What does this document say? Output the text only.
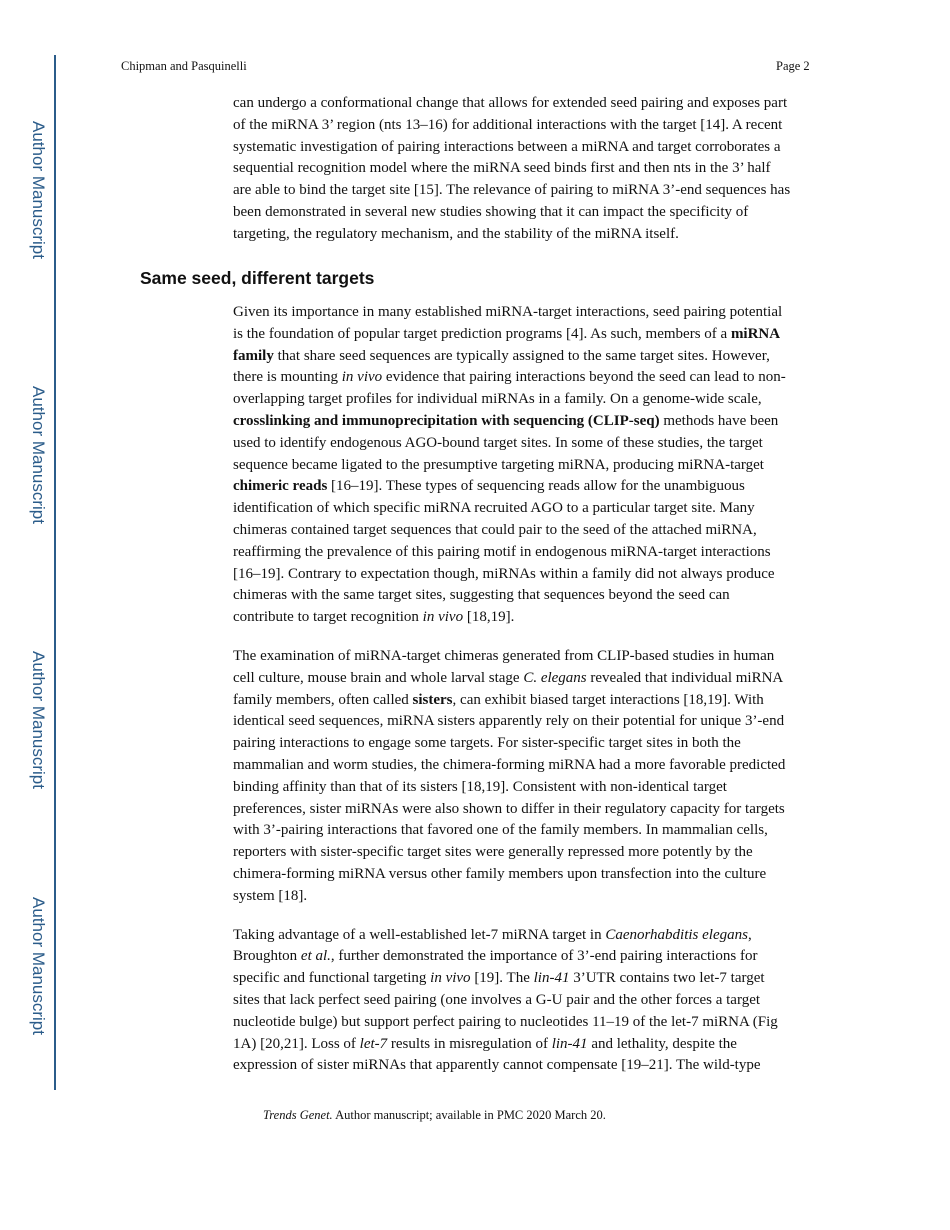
Author Manuscript
Author Manuscript
Author Manuscript
Author Manuscript
Chipman and Pasquinelli	Page 2
can undergo a conformational change that allows for extended seed pairing and exposes part
of the miRNA 3’ region (nts 13–16) for additional interactions with the target [14]. A recent
systematic investigation of pairing interactions between a miRNA and target corroborates a
sequential recognition model where the miRNA seed binds first and then nts in the 3’ half
are able to bind the target site [15]. The relevance of pairing to miRNA 3’-end sequences has
been demonstrated in several new studies showing that it can impact the specificity of
targeting, the regulatory mechanism, and the stability of the miRNA itself.
Same seed, different targets
Given its importance in many established miRNA-target interactions, seed pairing potential
is the foundation of popular target prediction programs [4]. As such, members of a miRNA
family that share seed sequences are typically assigned to the same target sites. However,
there is mounting in vivo evidence that pairing interactions beyond the seed can lead to non-
overlapping target profiles for individual miRNAs in a family. On a genome-wide scale,
crosslinking and immunoprecipitation with sequencing (CLIP-seq) methods have been
used to identify endogenous AGO-bound target sites. In some of these studies, the target
sequence became ligated to the presumptive targeting miRNA, producing miRNA-target
chimeric reads [16–19]. These types of sequencing reads allow for the unambiguous
identification of which specific miRNA recruited AGO to a particular target site. Many
chimeras contained target sequences that could pair to the seed of the attached miRNA,
reaffirming the prevalence of this pairing motif in endogenous miRNA-target interactions
[16–19]. Contrary to expectation though, miRNAs within a family did not always produce
chimeras with the same target sites, suggesting that sequences beyond the seed can
contribute to target recognition in vivo [18,19].
The examination of miRNA-target chimeras generated from CLIP-based studies in human
cell culture, mouse brain and whole larval stage C. elegans revealed that individual miRNA
family members, often called sisters, can exhibit biased target interactions [18,19]. With
identical seed sequences, miRNA sisters apparently rely on their potential for unique 3’-end
pairing interactions to engage some targets. For sister-specific target sites in both the
mammalian and worm studies, the chimera-forming miRNA had a more favorable predicted
binding affinity than that of its sisters [18,19]. Consistent with non-identical target
preferences, sister miRNAs were also shown to differ in their regulatory capacity for targets
with 3’-pairing interactions that favored one of the family members. In mammalian cells,
reporters with sister-specific target sites were generally repressed more potently by the
chimera-forming miRNA versus other family members upon transfection into the culture
system [18].
Taking advantage of a well-established let-7 miRNA target in Caenorhabditis elegans,
Broughton et al., further demonstrated the importance of 3’-end pairing interactions for
specific and functional targeting in vivo [19]. The lin-41 3’UTR contains two let-7 target
sites that lack perfect seed pairing (one involves a G-U pair and the other forces a target
nucleotide bulge) but support perfect pairing to nucleotides 11–19 of the let-7 miRNA (Fig
1A) [20,21]. Loss of let-7 results in misregulation of lin-41 and lethality, despite the
expression of sister miRNAs that apparently cannot compensate [19–21]. The wild-type
Trends Genet. Author manuscript; available in PMC 2020 March 20.
